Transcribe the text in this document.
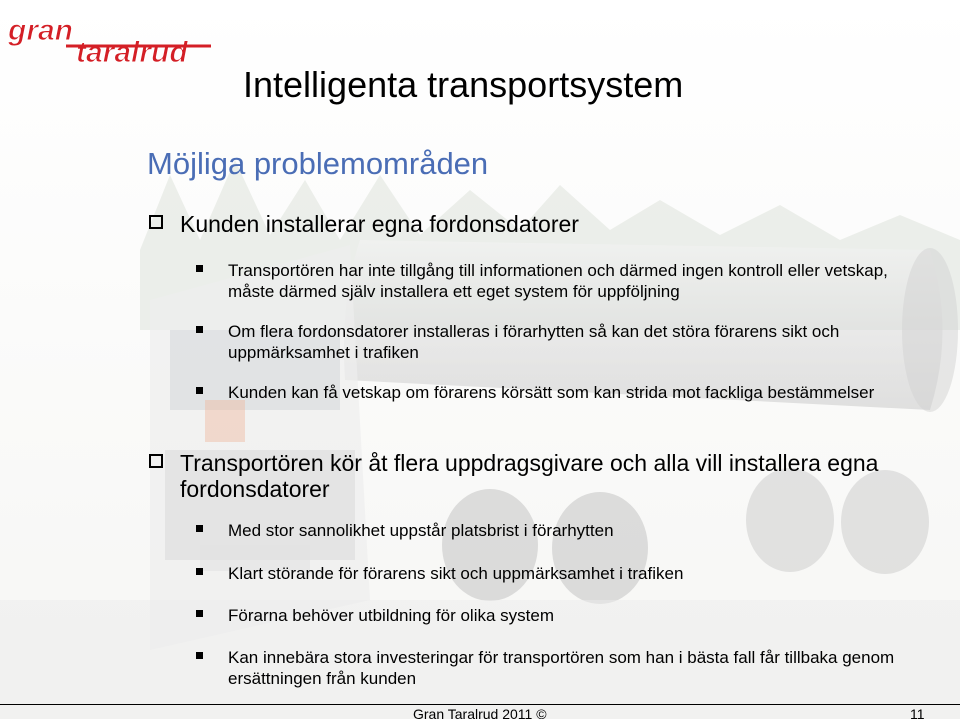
gran
taralrud
Intelligenta transportsystem
Möjliga problemområden
Kunden installerar egna fordonsdatorer
Transportören har inte tillgång till informationen och därmed ingen kontroll eller vetskap, måste därmed själv installera ett eget system för uppföljning
Om flera fordonsdatorer installeras i förarhytten så kan det störa förarens sikt och uppmärksamhet i trafiken
Kunden kan få vetskap om förarens körsätt som kan strida mot fackliga bestämmelser
Transportören kör åt flera uppdragsgivare och alla vill installera egna fordonsdatorer
Med stor sannolikhet uppstår platsbrist i förarhytten
Klart störande för förarens sikt och uppmärksamhet i trafiken
Förarna behöver utbildning för olika system
Kan innebära stora investeringar för transportören som han i bästa fall får tillbaka genom ersättningen från kunden
Gran Taralrud 2011 ©	11
